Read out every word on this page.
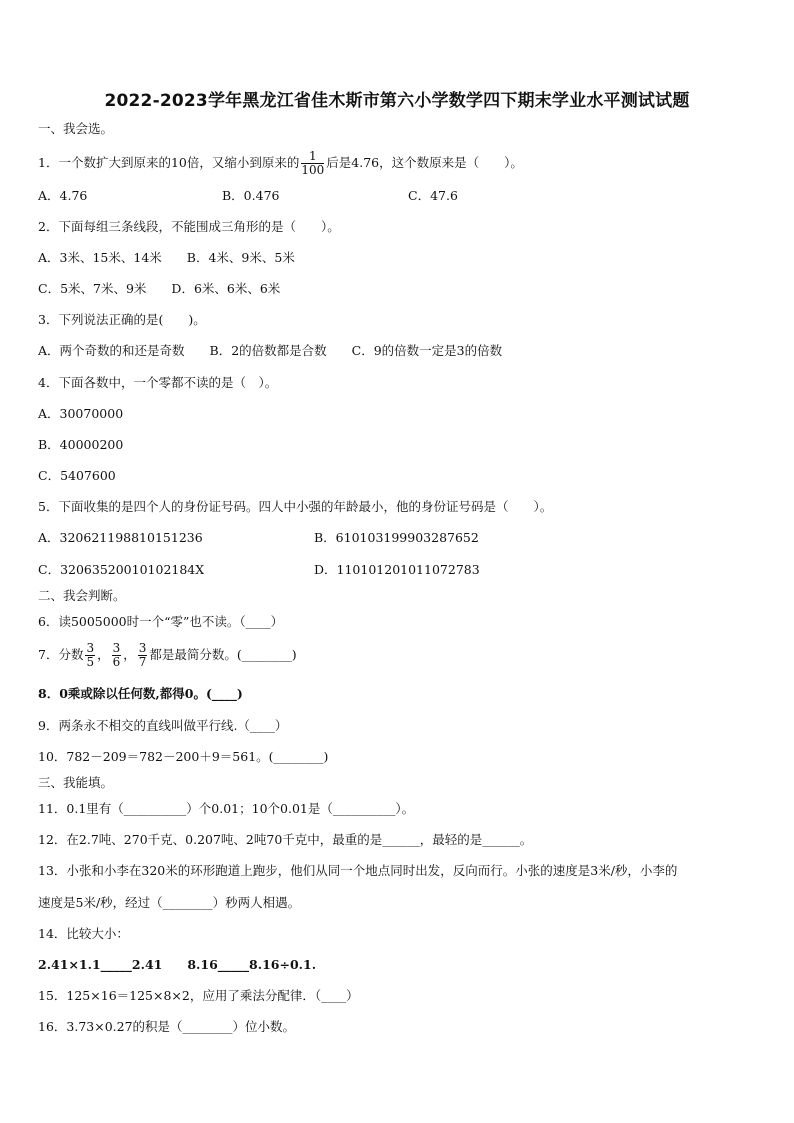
2022-2023学年黑龙江省佳木斯市第六小学数学四下期末学业水平测试试题
一、我会选。
1．一个数扩大到原来的10倍，又缩小到原来的 $\frac{1}{100}$ 后是4.76，这个数原来是（　　）。
A．4.76	B．0.476	C．47.6
2．下面每组三条线段，不能围成三角形的是（　　）。
A．3米、15米、14米　　B．4米、9米、5米
C．5米、7米、9米　　D．6米、6米、6米
3．下列说法正确的是(　　)。
A．两个奇数的和还是奇数　　B．2的倍数都是合数　　C．9的倍数一定是3的倍数
4．下面各数中，一个零都不读的是（　）。
A．30070000
B．40000200
C．5407600
5．下面收集的是四个人的身份证号码。四人中小强的年龄最小，他的身份证号码是（　　）。
A．320621198810151236	B．610103199903287652
C．32063520010102184X	D．110101201011072783
二、我会判断。
6．读5005000时一个“零”也不读。（____）
7．分数 $\frac{3}{5}$ ， $\frac{3}{6}$ ， $\frac{3}{7}$ 都是最简分数。(________)
8．0乘或除以任何数,都得0。(____)
9．两条永不相交的直线叫做平行线.（____）
10．782－209＝782－200＋9＝561。(________)
三、我能填。
11．0.1里有（__________）个0.01；10个0.01是（__________）。
12．在2.7吨、270千克、0.207吨、2吨70千克中，最重的是______，最轻的是______。
13．小张和小李在320米的环形跑道上跑步，他们从同一个地点同时出发，反向而行。小张的速度是3米/秒，小李的
速度是5米/秒，经过（________）秒两人相遇。
14．比较大小：
2.41×1.1_____2.41　　8.16_____8.16÷0.1.
15．125×16＝125×8×2，应用了乘法分配律．（____）
16．3.73×0.27的积是（________）位小数。
